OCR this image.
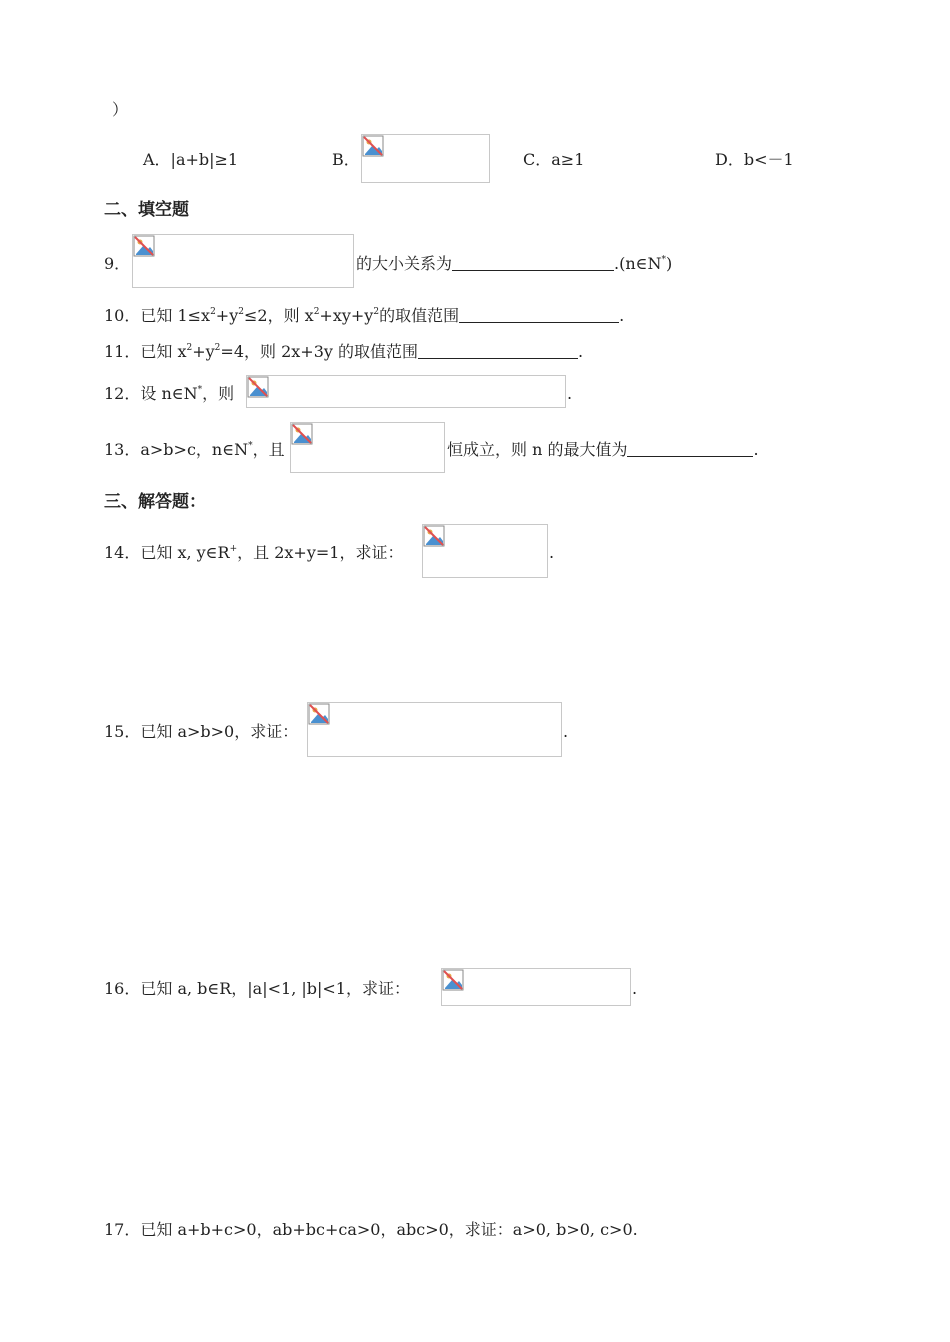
）
A．|a+b|≥1	B．	C．a≥1	D．b<－1
二、填空题
9．	的大小关系为	.(n∈N*)
10．已知 $1\le x^2+y^2\le 2$，则 $x^2+xy+y^2$的取值范围	.
11．已知 $x^2+y^2=4$，则 2x+3y 的取值范围	.
12．设 n∈N*，则	.
13．a>b>c，n∈N*，且	恒成立，则 n 的最大值为	.
三、解答题：
14．已知 x, y∈R+，且 2x+y=1，求证：	.
15．已知 a>b>0，求证：	.
16．已知 a, b∈R，|a|<1, |b|<1，求证：	.
17．已知 a+b+c>0，ab+bc+ca>0，abc>0，求证：a>0, b>0, c>0.
